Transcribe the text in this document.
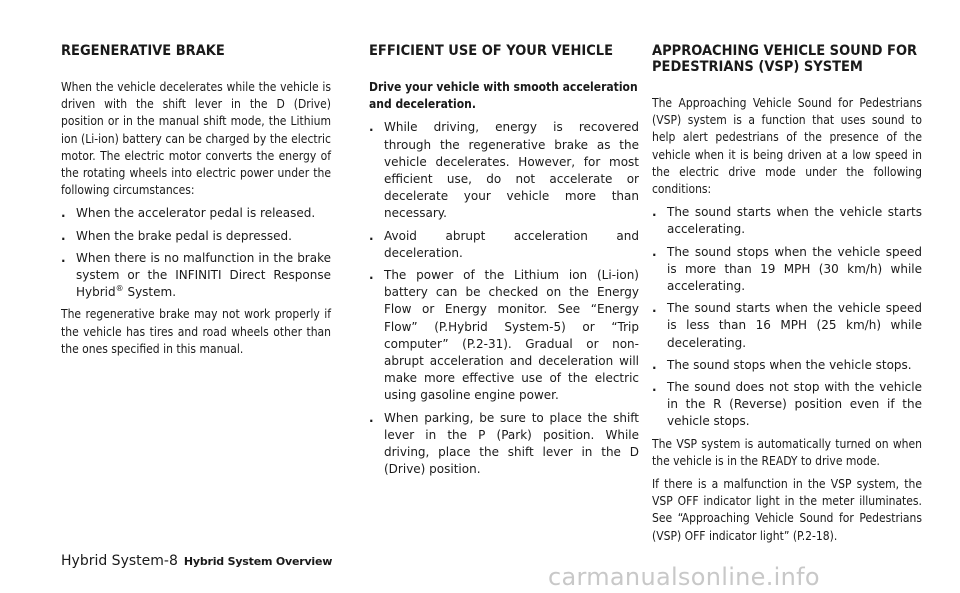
REGENERATIVE BRAKE
When the vehicle decelerates while the vehicle is driven with the shift lever in the D (Drive) position or in the manual shift mode, the Lithium ion (Li-ion) battery can be charged by the electric motor. The electric motor converts the energy of the rotating wheels into electric power under the following circumstances:
. When the accelerator pedal is released.
. When the brake pedal is depressed.
. When there is no malfunction in the brake system or the INFINITI Direct Response Hybrid® System.
The regenerative brake may not work properly if the vehicle has tires and road wheels other than the ones specified in this manual.
EFFICIENT USE OF YOUR VEHICLE
Drive your vehicle with smooth acceleration and deceleration.
. While driving, energy is recovered through the regenerative brake as the vehicle decelerates. However, for most efficient use, do not accelerate or decelerate your vehicle more than necessary.
. Avoid abrupt acceleration and deceleration.
. The power of the Lithium ion (Li-ion) battery can be checked on the Energy Flow or Energy monitor. See “Energy Flow” (P.Hybrid System-5) or “Trip computer” (P.2-31). Gradual or non-abrupt acceleration and deceleration will make more effective use of the electric using gasoline engine power.
. When parking, be sure to place the shift lever in the P (Park) position. While driving, place the shift lever in the D (Drive) position.
APPROACHING VEHICLE SOUND FOR
PEDESTRIANS (VSP) SYSTEM
The Approaching Vehicle Sound for Pedestrians (VSP) system is a function that uses sound to help alert pedestrians of the presence of the vehicle when it is being driven at a low speed in the electric drive mode under the following conditions:
. The sound starts when the vehicle starts accelerating.
. The sound stops when the vehicle speed is more than 19 MPH (30 km/h) while accelerating.
. The sound starts when the vehicle speed is less than 16 MPH (25 km/h) while decelerating.
. The sound stops when the vehicle stops.
. The sound does not stop with the vehicle in the R (Reverse) position even if the vehicle stops.
The VSP system is automatically turned on when the vehicle is in the READY to drive mode.
If there is a malfunction in the VSP system, the VSP OFF indicator light in the meter illuminates. See “Approaching Vehicle Sound for Pedestrians (VSP) OFF indicator light” (P.2-18).
Hybrid System-8 Hybrid System Overview
carmanualsonline.info
